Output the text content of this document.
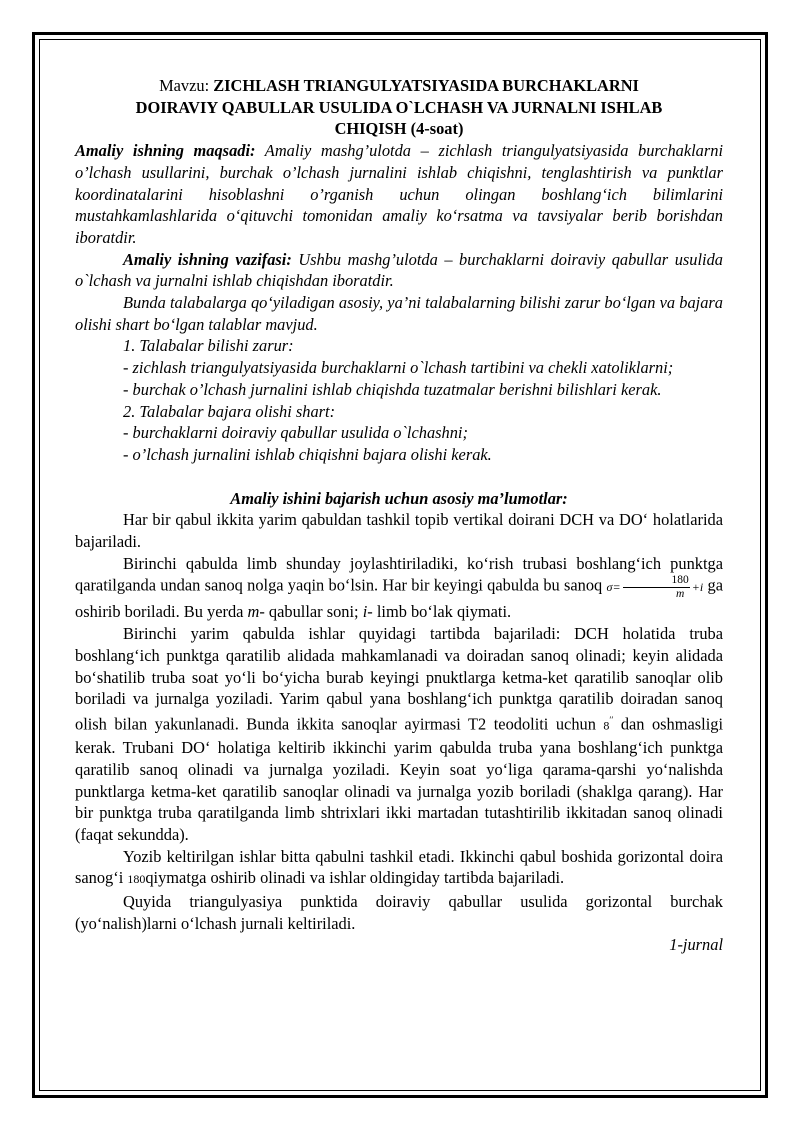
Mavzu: ZICHLASH TRIANGULYATSIYASIDA BURCHAKLARNI
DOIRAVIY QABULLAR USULIDA O`LCHASH VA JURNALNI ISHLAB
CHIQISH (4-soat)

Amaliy ishning maqsadi: Amaliy mashg’ulotda – zichlash triangulyatsiyasida burchaklarni o’lchash usullarini, burchak o’lchash jurnalini ishlab chiqishni, tenglashtirish va punktlar koordinatalarini hisoblashni o’rganish uchun olingan boshlang‘ich bilimlarini mustahkamlashlarida o‘qituvchi tomonidan amaliy ko‘rsatma va tavsiyalar berib borishdan iboratdir.

Amaliy ishning vazifasi: Ushbu mashg’ulotda – burchaklarni doiraviy qabullar usulida o`lchash va jurnalni ishlab chiqishdan iboratdir.

Bunda talabalarga qo‘yiladigan asosiy, ya’ni talabalarning bilishi zarur bo‘lgan va bajara olishi shart bo‘lgan talablar mavjud.

1. Talabalar bilishi zarur:

- zichlash triangulyatsiyasida burchaklarni o`lchash tartibini va chekli xatoliklarni;

- burchak o’lchash jurnalini ishlab chiqishda tuzatmalar berishni bilishlari kerak.

2. Talabalar bajara olishi shart:

- burchaklarni doiraviy qabullar usulida o`lchashni;

- o’lchash jurnalini ishlab chiqishni bajara olishi kerak.

Amaliy ishini bajarish uchun asosiy ma’lumotlar:

Har bir qabul ikkita yarim qabuldan tashkil topib vertikal doirani DCH va DO‘ holatlarida bajariladi.

Birinchi qabulda limb shunday joylashtiriladiki, ko‘rish trubasi boshlang‘ich punktga qaratilganda undan sanoq nolga yaqin bo‘lsin. Har bir keyingi qabulda bu sanoq $\sigma= \frac{180}{m} +i$ ga oshirib boriladi. Bu yerda m- qabullar soni; i- limb bo‘lak qiymati.

Birinchi yarim qabulda ishlar quyidagi tartibda bajariladi: DCH holatida truba boshlang‘ich punktga qaratilib alidada mahkamlanadi va doiradan sanoq olinadi; keyin alidada bo‘shatilib truba soat yo‘li bo‘yicha burab keyingi pnuktlarga ketma-ket qaratilib sanoqlar olib boriladi va jurnalga yoziladi. Yarim qabul yana boshlang‘ich punktga qaratilib doiradan sanoq olish bilan yakunlanadi. Bunda ikkita sanoqlar ayirmasi T2 teodoliti uchun 8′′ dan oshmasligi kerak. Trubani DO‘ holatiga keltirib ikkinchi yarim qabulda truba yana boshlang‘ich punktga qaratilib sanoq olinadi va jurnalga yoziladi. Keyin soat yo‘liga qarama-qarshi yo‘nalishda punktlarga ketma-ket qaratilib sanoqlar olinadi va jurnalga yozib boriladi (shaklga qarang). Har bir punktga truba qaratilganda limb shtrixlari ikki martadan tutashtirilib ikkitadan sanoq olinadi (faqat sekundda).

Yozib keltirilgan ishlar bitta qabulni tashkil etadi. Ikkinchi qabul boshida gorizontal doira sanog‘i 180qiymatga oshirib olinadi va ishlar oldingiday tartibda bajariladi.

Quyida triangulyasiya punktida doiraviy qabullar usulida gorizontal burchak (yo‘nalish)larni o‘lchash jurnali keltiriladi.

1-jurnal
